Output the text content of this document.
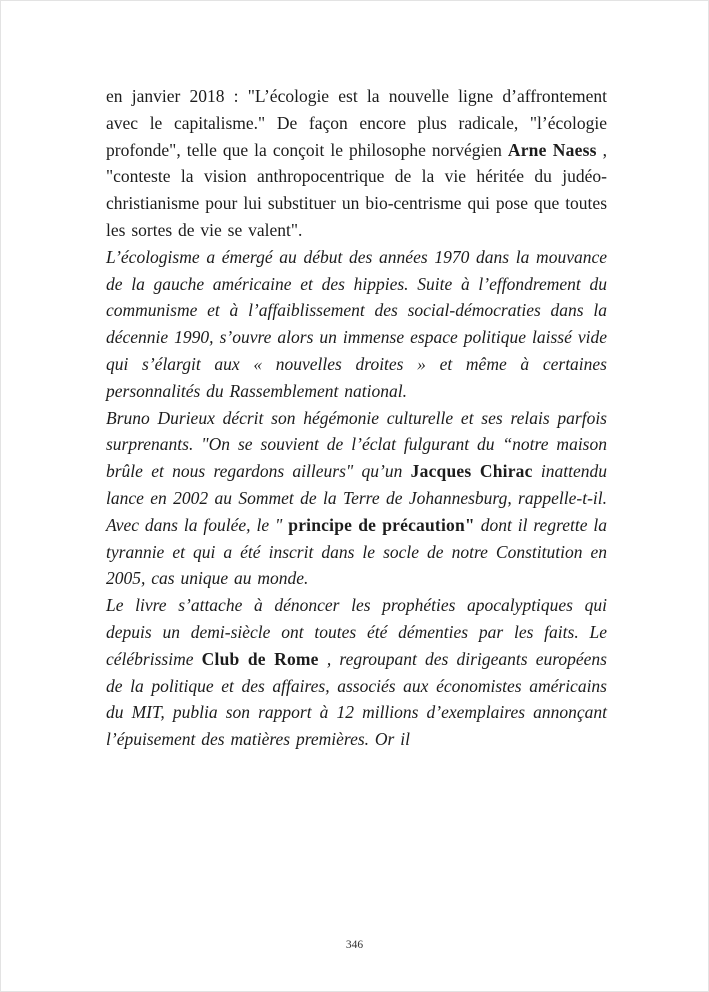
en janvier 2018 : "L’écologie est la nouvelle ligne d’affrontement avec le capitalisme." De façon encore plus radicale, "l’écologie profonde", telle que la conçoit le philosophe norvégien Arne Naess , "conteste la vision anthropocentrique de la vie héritée du judéo-christianisme pour lui substituer un bio-centrisme qui pose que toutes les sortes de vie se valent".

L’écologisme a émergé au début des années 1970 dans la mouvance de la gauche américaine et des hippies. Suite à l’effondrement du communisme et à l’affaiblissement des social-démocraties dans la décennie 1990, s’ouvre alors un immense espace politique laissé vide qui s’élargit aux « nouvelles droites » et même à certaines personnalités du Rassemblement national.

Bruno Durieux décrit son hégémonie culturelle et ses relais parfois surprenants. "On se souvient de l’éclat fulgurant du “notre maison brûle et nous regardons ailleurs" qu’un Jacques Chirac inattendu lance en 2002 au Sommet de la Terre de Johannesburg, rappelle-t-il. Avec dans la foulée, le " principe de précaution" dont il regrette la tyrannie et qui a été inscrit dans le socle de notre Constitution en 2005, cas unique au monde.

Le livre s’attache à dénoncer les prophéties apocalyptiques qui depuis un demi-siècle ont toutes été démenties par les faits. Le célébrissime Club de Rome , regroupant des dirigeants européens de la politique et des affaires, associés aux économistes américains du MIT, publia son rapport à 12 millions d’exemplaires annonçant l’épuisement des matières premières. Or il

346
